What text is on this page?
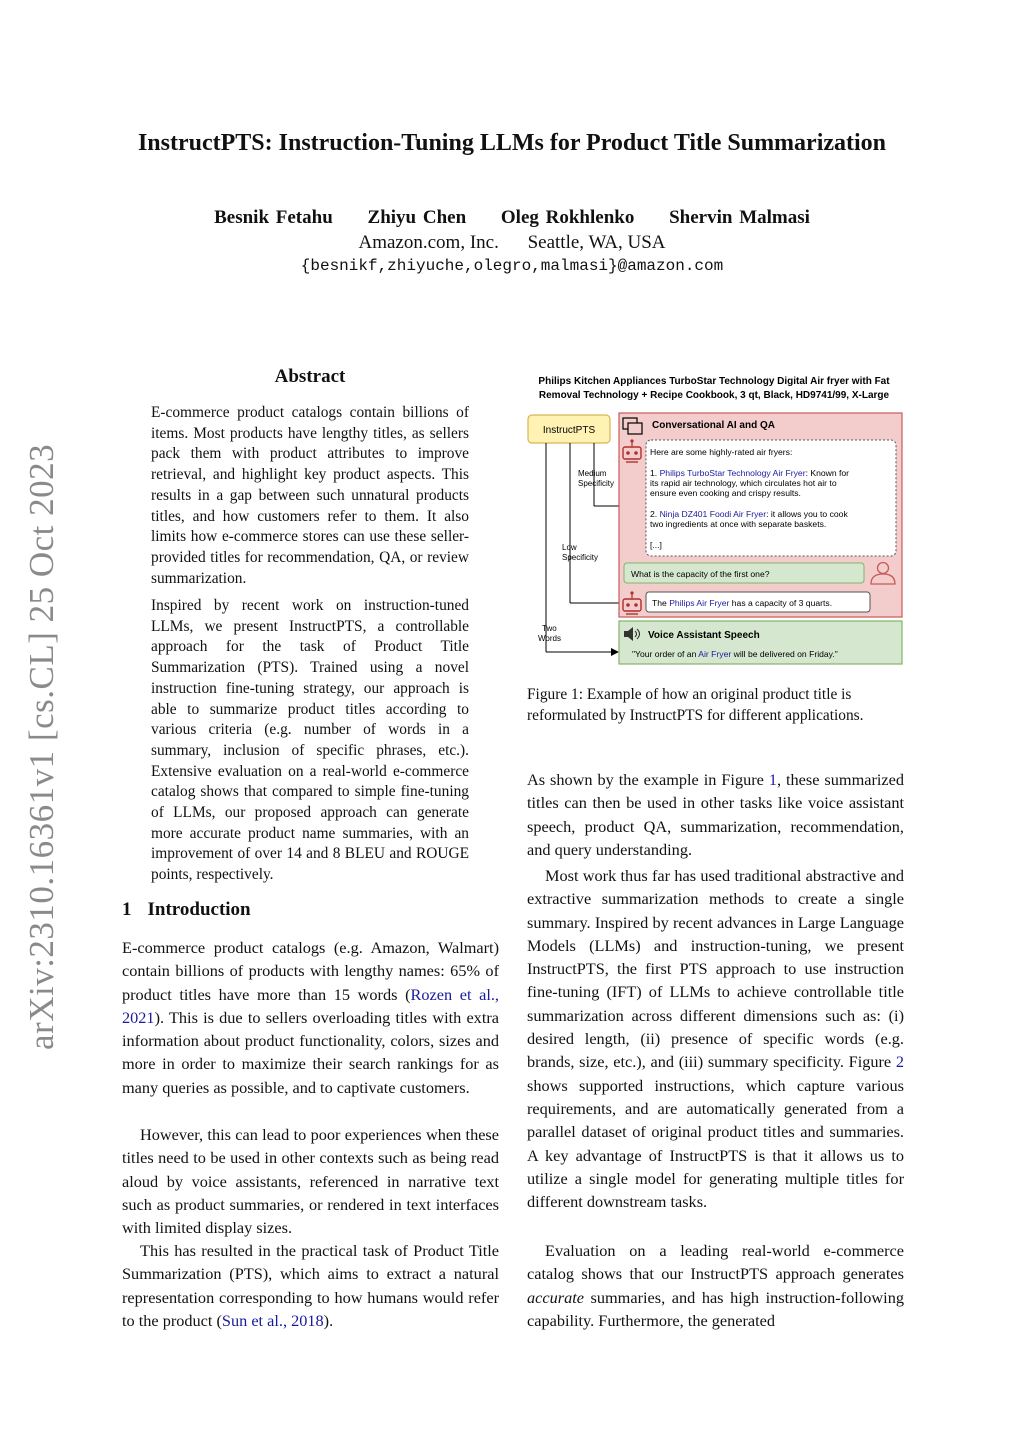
arXiv:2310.16361v1 [cs.CL] 25 Oct 2023
InstructPTS: Instruction-Tuning LLMs for Product Title Summarization
Besnik Fetahu Zhiyu Chen Oleg Rokhlenko Shervin Malmasi
Amazon.com, Inc. Seattle, WA, USA
{besnikf,zhiyuche,olegro,malmasi}@amazon.com
Abstract

E-commerce product catalogs contain billions of items. Most products have lengthy titles, as sellers pack them with product attributes to improve retrieval, and highlight key product aspects. This results in a gap between such unnatural products titles, and how customers refer to them. It also limits how e-commerce stores can use these seller-provided titles for recommendation, QA, or review summarization.

Inspired by recent work on instruction-tuned LLMs, we present InstructPTS, a controllable approach for the task of Product Title Summarization (PTS). Trained using a novel instruction fine-tuning strategy, our approach is able to summarize product titles according to various criteria (e.g. number of words in a summary, inclusion of specific phrases, etc.). Extensive evaluation on a real-world e-commerce catalog shows that compared to simple fine-tuning of LLMs, our proposed approach can generate more accurate product name summaries, with an improvement of over 14 and 8 BLEU and ROUGE points, respectively.

1 Introduction
E-commerce product catalogs (e.g. Amazon, Walmart) contain billions of products with lengthy names: 65% of product titles have more than 15 words (Rozen et al., 2021). This is due to sellers overloading titles with extra information about product functionality, colors, sizes and more in order to maximize their search rankings for as many queries as possible, and to captivate customers.
However, this can lead to poor experiences when these titles need to be used in other contexts such as being read aloud by voice assistants, referenced in narrative text such as product summaries, or rendered in text interfaces with limited display sizes.
This has resulted in the practical task of Product Title Summarization (PTS), which aims to extract a natural representation corresponding to how humans would refer to the product (Sun et al., 2018).
As shown by the example in Figure 1, these summarized titles can then be used in other tasks like voice assistant speech, product QA, summarization, recommendation, and query understanding.
Most work thus far has used traditional abstractive and extractive summarization methods to create a single summary. Inspired by recent advances in Large Language Models (LLMs) and instruction-tuning, we present InstructPTS, the first PTS approach to use instruction fine-tuning (IFT) of LLMs to achieve controllable title summarization across different dimensions such as: (i) desired length, (ii) presence of specific words (e.g. brands, size, etc.), and (iii) summary specificity. Figure 2 shows supported instructions, which capture various requirements, and are automatically generated from a parallel dataset of original product titles and summaries. A key advantage of InstructPTS is that it allows us to utilize a single model for generating multiple titles for different downstream tasks.
Evaluation on a leading real-world e-commerce catalog shows that our InstructPTS approach generates accurate summaries, and has high instruction-following capability. Furthermore, the generated
Philips Kitchen Appliances TurboStar Technology Digital Air fryer with Fat
Removal Technology + Recipe Cookbook, 3 qt, Black, HD9741/99, X-Large
InstructPTS
Medium
Specificity
Low
Specificity
Two
Words
Conversational AI and QA
Here are some highly-rated air fryers:
1. Philips TurboStar Technology Air Fryer: Known for
its rapid air technology, which circulates hot air to
ensure even cooking and crispy results.
2. Ninja DZ401 Foodi Air Fryer: it allows you to cook
two ingredients at once with separate baskets.
[...]
What is the capacity of the first one?
The Philips Air Fryer has a capacity of 3 quarts.
Voice Assistant Speech
"Your order of an Air Fryer will be delivered on Friday."
Figure 1: Example of how an original product title is reformulated by InstructPTS for different applications.
